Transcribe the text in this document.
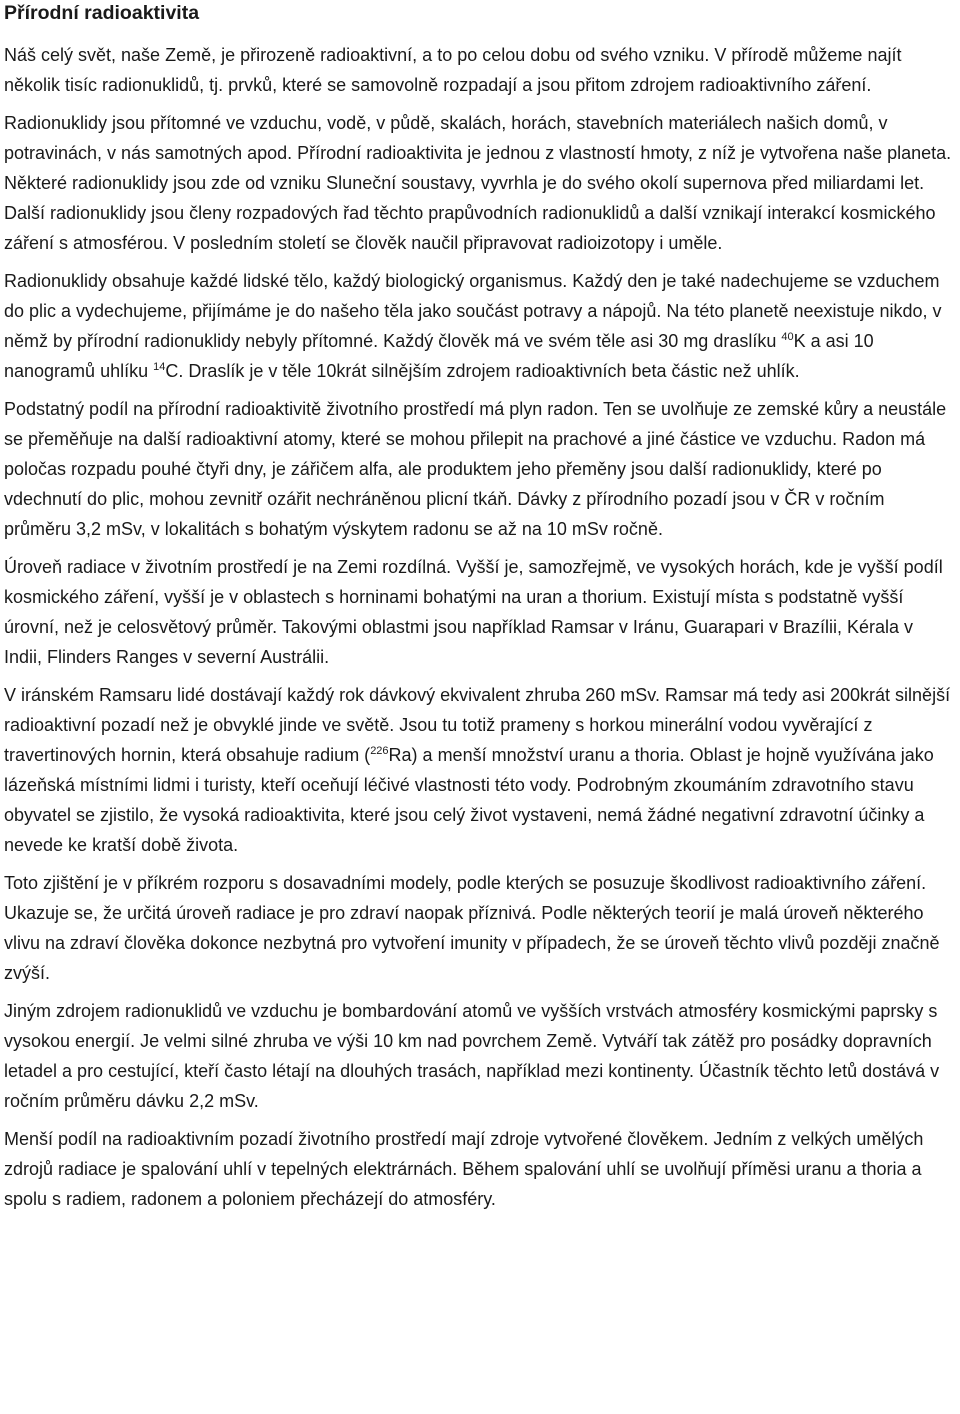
Přírodní radioaktivita

Náš celý svět, naše Země, je přirozeně radioaktivní, a to po celou dobu od svého vzniku. V přírodě můžeme najít několik tisíc radionuklidů, tj. prvků, které se samovolně rozpadají a jsou přitom zdrojem radioaktivního záření.

Radionuklidy jsou přítomné ve vzduchu, vodě, v půdě, skalách, horách, stavebních materiálech našich domů, v potravinách, v nás samotných apod. Přírodní radioaktivita je jednou z vlastností hmoty, z níž je vytvořena naše planeta. Některé radionuklidy jsou zde od vzniku Sluneční soustavy, vyvrhla je do svého okolí supernova před miliardami let. Další radionuklidy jsou členy rozpadových řad těchto prapůvodních radionuklidů a další vznikají interakcí kosmického záření s atmosférou. V posledním století se člověk naučil připravovat radioizotopy i uměle.

Radionuklidy obsahuje každé lidské tělo, každý biologický organismus. Každý den je také nadechujeme se vzduchem do plic a vydechujeme, přijímáme je do našeho těla jako součást potravy a nápojů. Na této planetě neexistuje nikdo, v němž by přírodní radionuklidy nebyly přítomné. Každý člověk má ve svém těle asi 30 mg draslíku $^{40}$K a asi 10 nanogramů uhlíku $^{14}$C. Draslík je v těle 10krát silnějším zdrojem radioaktivních beta částic než uhlík.

Podstatný podíl na přírodní radioaktivitě životního prostředí má plyn radon. Ten se uvolňuje ze zemské kůry a neustále se přeměňuje na další radioaktivní atomy, které se mohou přilepit na prachové a jiné částice ve vzduchu. Radon má poločas rozpadu pouhé čtyři dny, je zářičem alfa, ale produktem jeho přeměny jsou další radionuklidy, které po vdechnutí do plic, mohou zevnitř ozářit nechráněnou plicní tkáň. Dávky z přírodního pozadí jsou v ČR v ročním průměru 3,2 mSv, v lokalitách s bohatým výskytem radonu se až na 10 mSv ročně.

Úroveň radiace v životním prostředí je na Zemi rozdílná. Vyšší je, samozřejmě, ve vysokých horách, kde je vyšší podíl kosmického záření, vyšší je v oblastech s horninami bohatými na uran a thorium. Existují místa s podstatně vyšší úrovní, než je celosvětový průměr. Takovými oblastmi jsou například Ramsar v Iránu, Guarapari v Brazílii, Kérala v Indii, Flinders Ranges v severní Austrálii.

V iránském Ramsaru lidé dostávají každý rok dávkový ekvivalent zhruba 260 mSv. Ramsar má tedy asi 200krát silnější radioaktivní pozadí než je obvyklé jinde ve světě. Jsou tu totiž prameny s horkou minerální vodou vyvěrající z travertinových hornin, která obsahuje radium ($^{226}$Ra) a menší množství uranu a thoria. Oblast je hojně využívána jako lázeňská místními lidmi i turisty, kteří oceňují léčivé vlastnosti této vody. Podrobným zkoumáním zdravotního stavu obyvatel se zjistilo, že vysoká radioaktivita, které jsou celý život vystaveni, nemá žádné negativní zdravotní účinky a nevede ke kratší době života.

Toto zjištění je v příkrém rozporu s dosavadními modely, podle kterých se posuzuje škodlivost radioaktivního záření. Ukazuje se, že určitá úroveň radiace je pro zdraví naopak příznivá. Podle některých teorií je malá úroveň některého vlivu na zdraví člověka dokonce nezbytná pro vytvoření imunity v případech, že se úroveň těchto vlivů později značně zvýší.

Jiným zdrojem radionuklidů ve vzduchu je bombardování atomů ve vyšších vrstvách atmosféry kosmickými paprsky s vysokou energií. Je velmi silné zhruba ve výši 10 km nad povrchem Země. Vytváří tak zátěž pro posádky dopravních letadel a pro cestující, kteří často létají na dlouhých trasách, například mezi kontinenty. Účastník těchto letů dostává v ročním průměru dávku 2,2 mSv.

Menší podíl na radioaktivním pozadí životního prostředí mají zdroje vytvořené člověkem. Jedním z velkých umělých zdrojů radiace je spalování uhlí v tepelných elektrárnách. Během spalování uhlí se uvolňují příměsi uranu a thoria a spolu s radiem, radonem a poloniem přecházejí do atmosféry.
